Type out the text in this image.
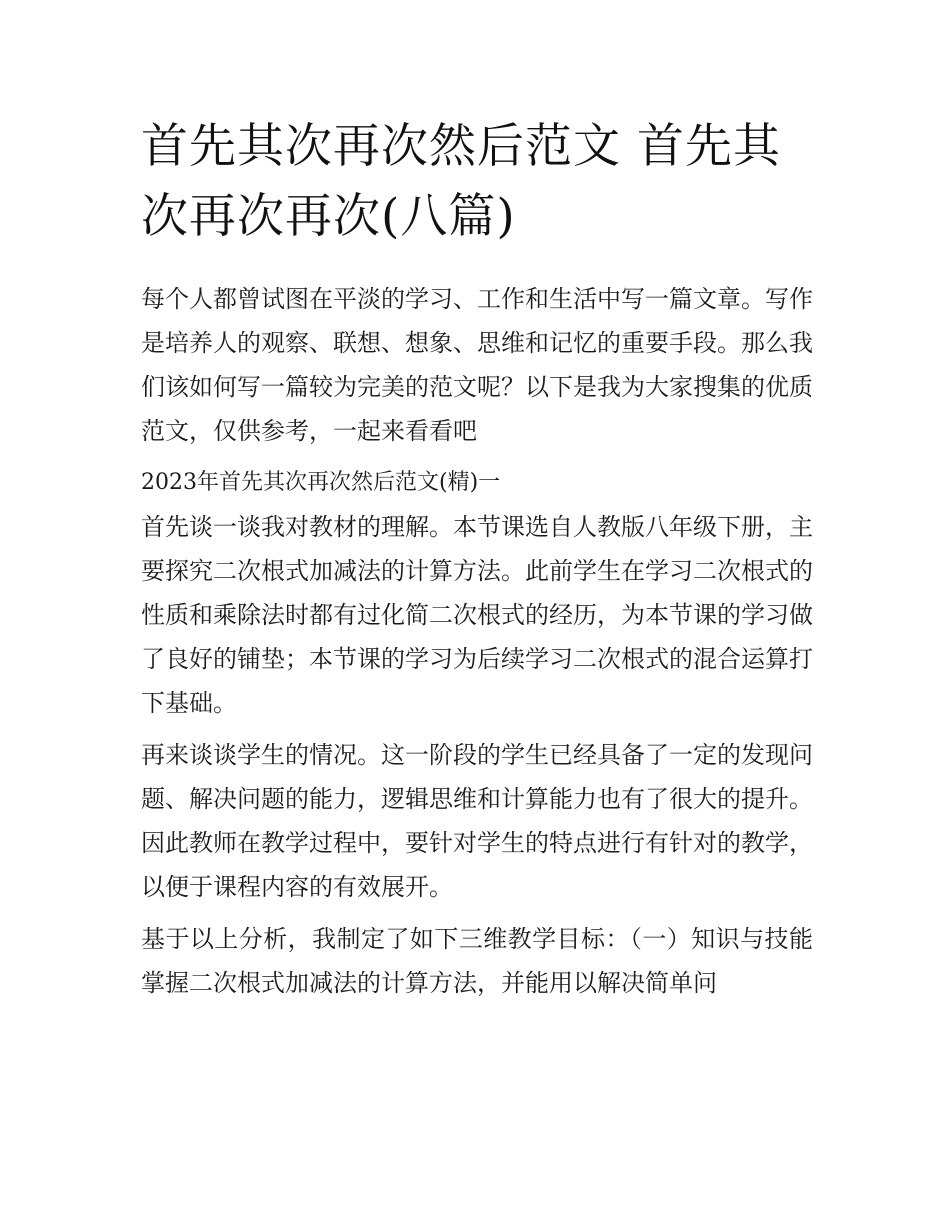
首先其次再次然后范文 首先其次再次再次(八篇)

每个人都曾试图在平淡的学习、工作和生活中写一篇文章。写作是培养人的观察、联想、想象、思维和记忆的重要手段。那么我们该如何写一篇较为完美的范文呢？以下是我为大家搜集的优质范文，仅供参考，一起来看看吧

2023年首先其次再次然后范文(精)一

首先谈一谈我对教材的理解。本节课选自人教版八年级下册，主要探究二次根式加减法的计算方法。此前学生在学习二次根式的性质和乘除法时都有过化简二次根式的经历，为本节课的学习做了良好的铺垫；本节课的学习为后续学习二次根式的混合运算打下基础。

再来谈谈学生的情况。这一阶段的学生已经具备了一定的发现问题、解决问题的能力，逻辑思维和计算能力也有了很大的提升。因此教师在教学过程中，要针对学生的特点进行有针对的教学，以便于课程内容的有效展开。

基于以上分析，我制定了如下三维教学目标：（一）知识与技能 掌握二次根式加减法的计算方法，并能用以解决简单问
